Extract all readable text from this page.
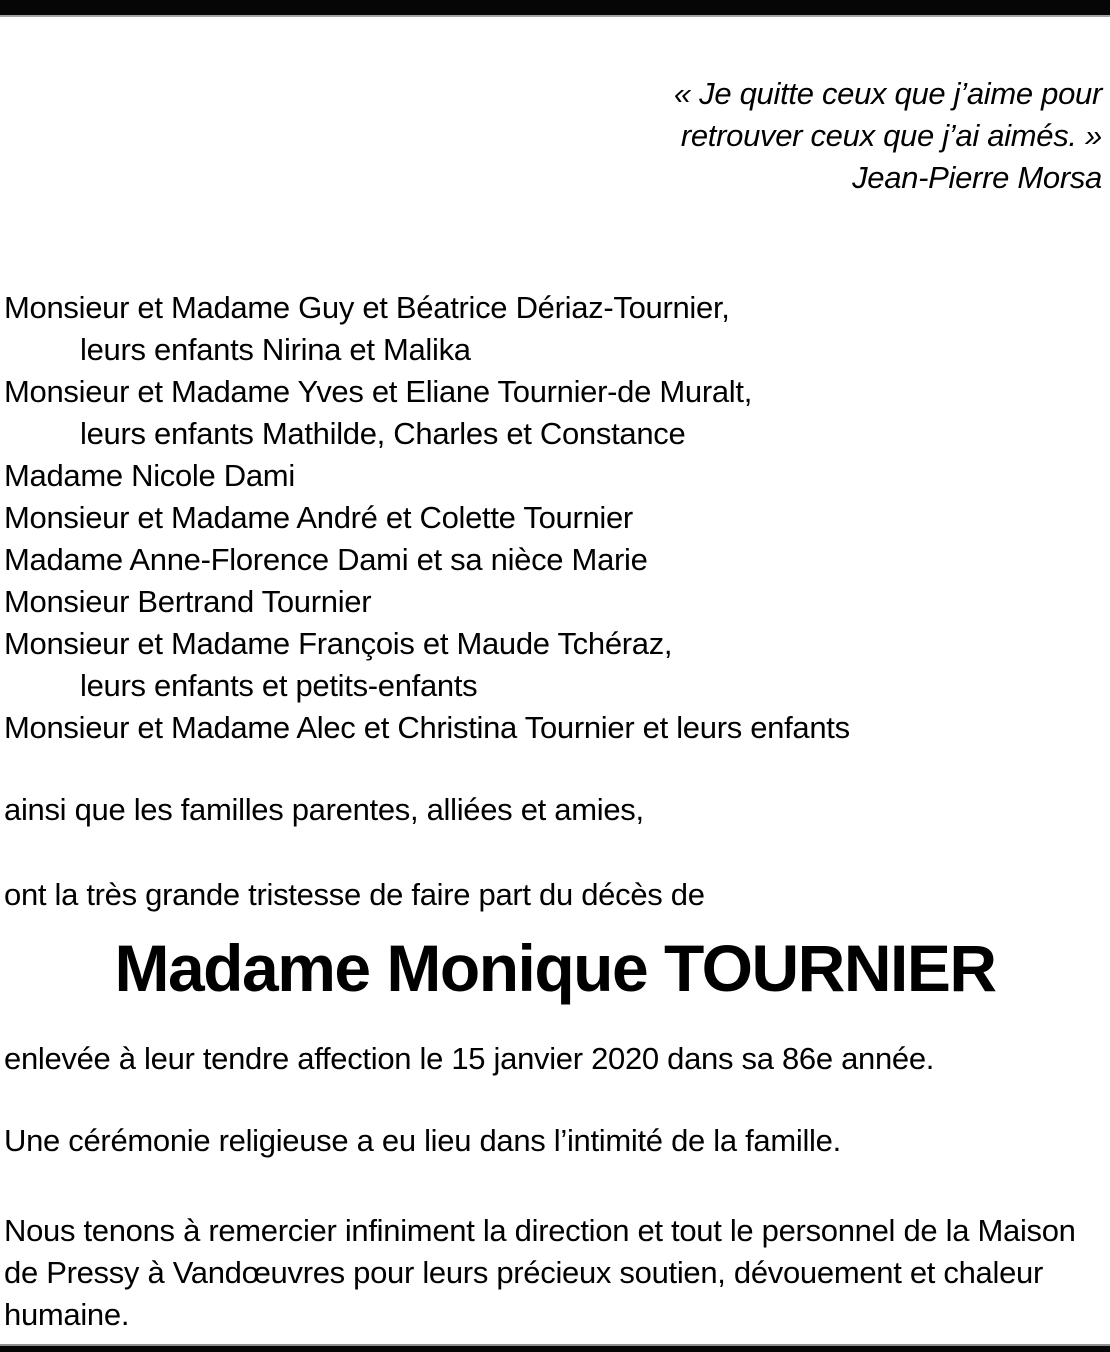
« Je quitte ceux que j’aime pour
retrouver ceux que j’ai aimés. »
Jean-Pierre Morsa
Monsieur et Madame Guy et Béatrice Dériaz-Tournier,
leurs enfants Nirina et Malika
Monsieur et Madame Yves et Eliane Tournier-de Muralt,
leurs enfants Mathilde, Charles et Constance
Madame Nicole Dami
Monsieur et Madame André et Colette Tournier
Madame Anne-Florence Dami et sa nièce Marie
Monsieur Bertrand Tournier
Monsieur et Madame François et Maude Tchéraz,
leurs enfants et petits-enfants
Monsieur et Madame Alec et Christina Tournier et leurs enfants
ainsi que les familles parentes, alliées et amies,
ont la très grande tristesse de faire part du décès de
Madame Monique TOURNIER
enlevée à leur tendre affection le 15 janvier 2020 dans sa 86e année.
Une cérémonie religieuse a eu lieu dans l’intimité de la famille.
Nous tenons à remercier infiniment la direction et tout le personnel de la Maison de Pressy à Vandœuvres pour leurs précieux soutien, dévouement et chaleur humaine.
